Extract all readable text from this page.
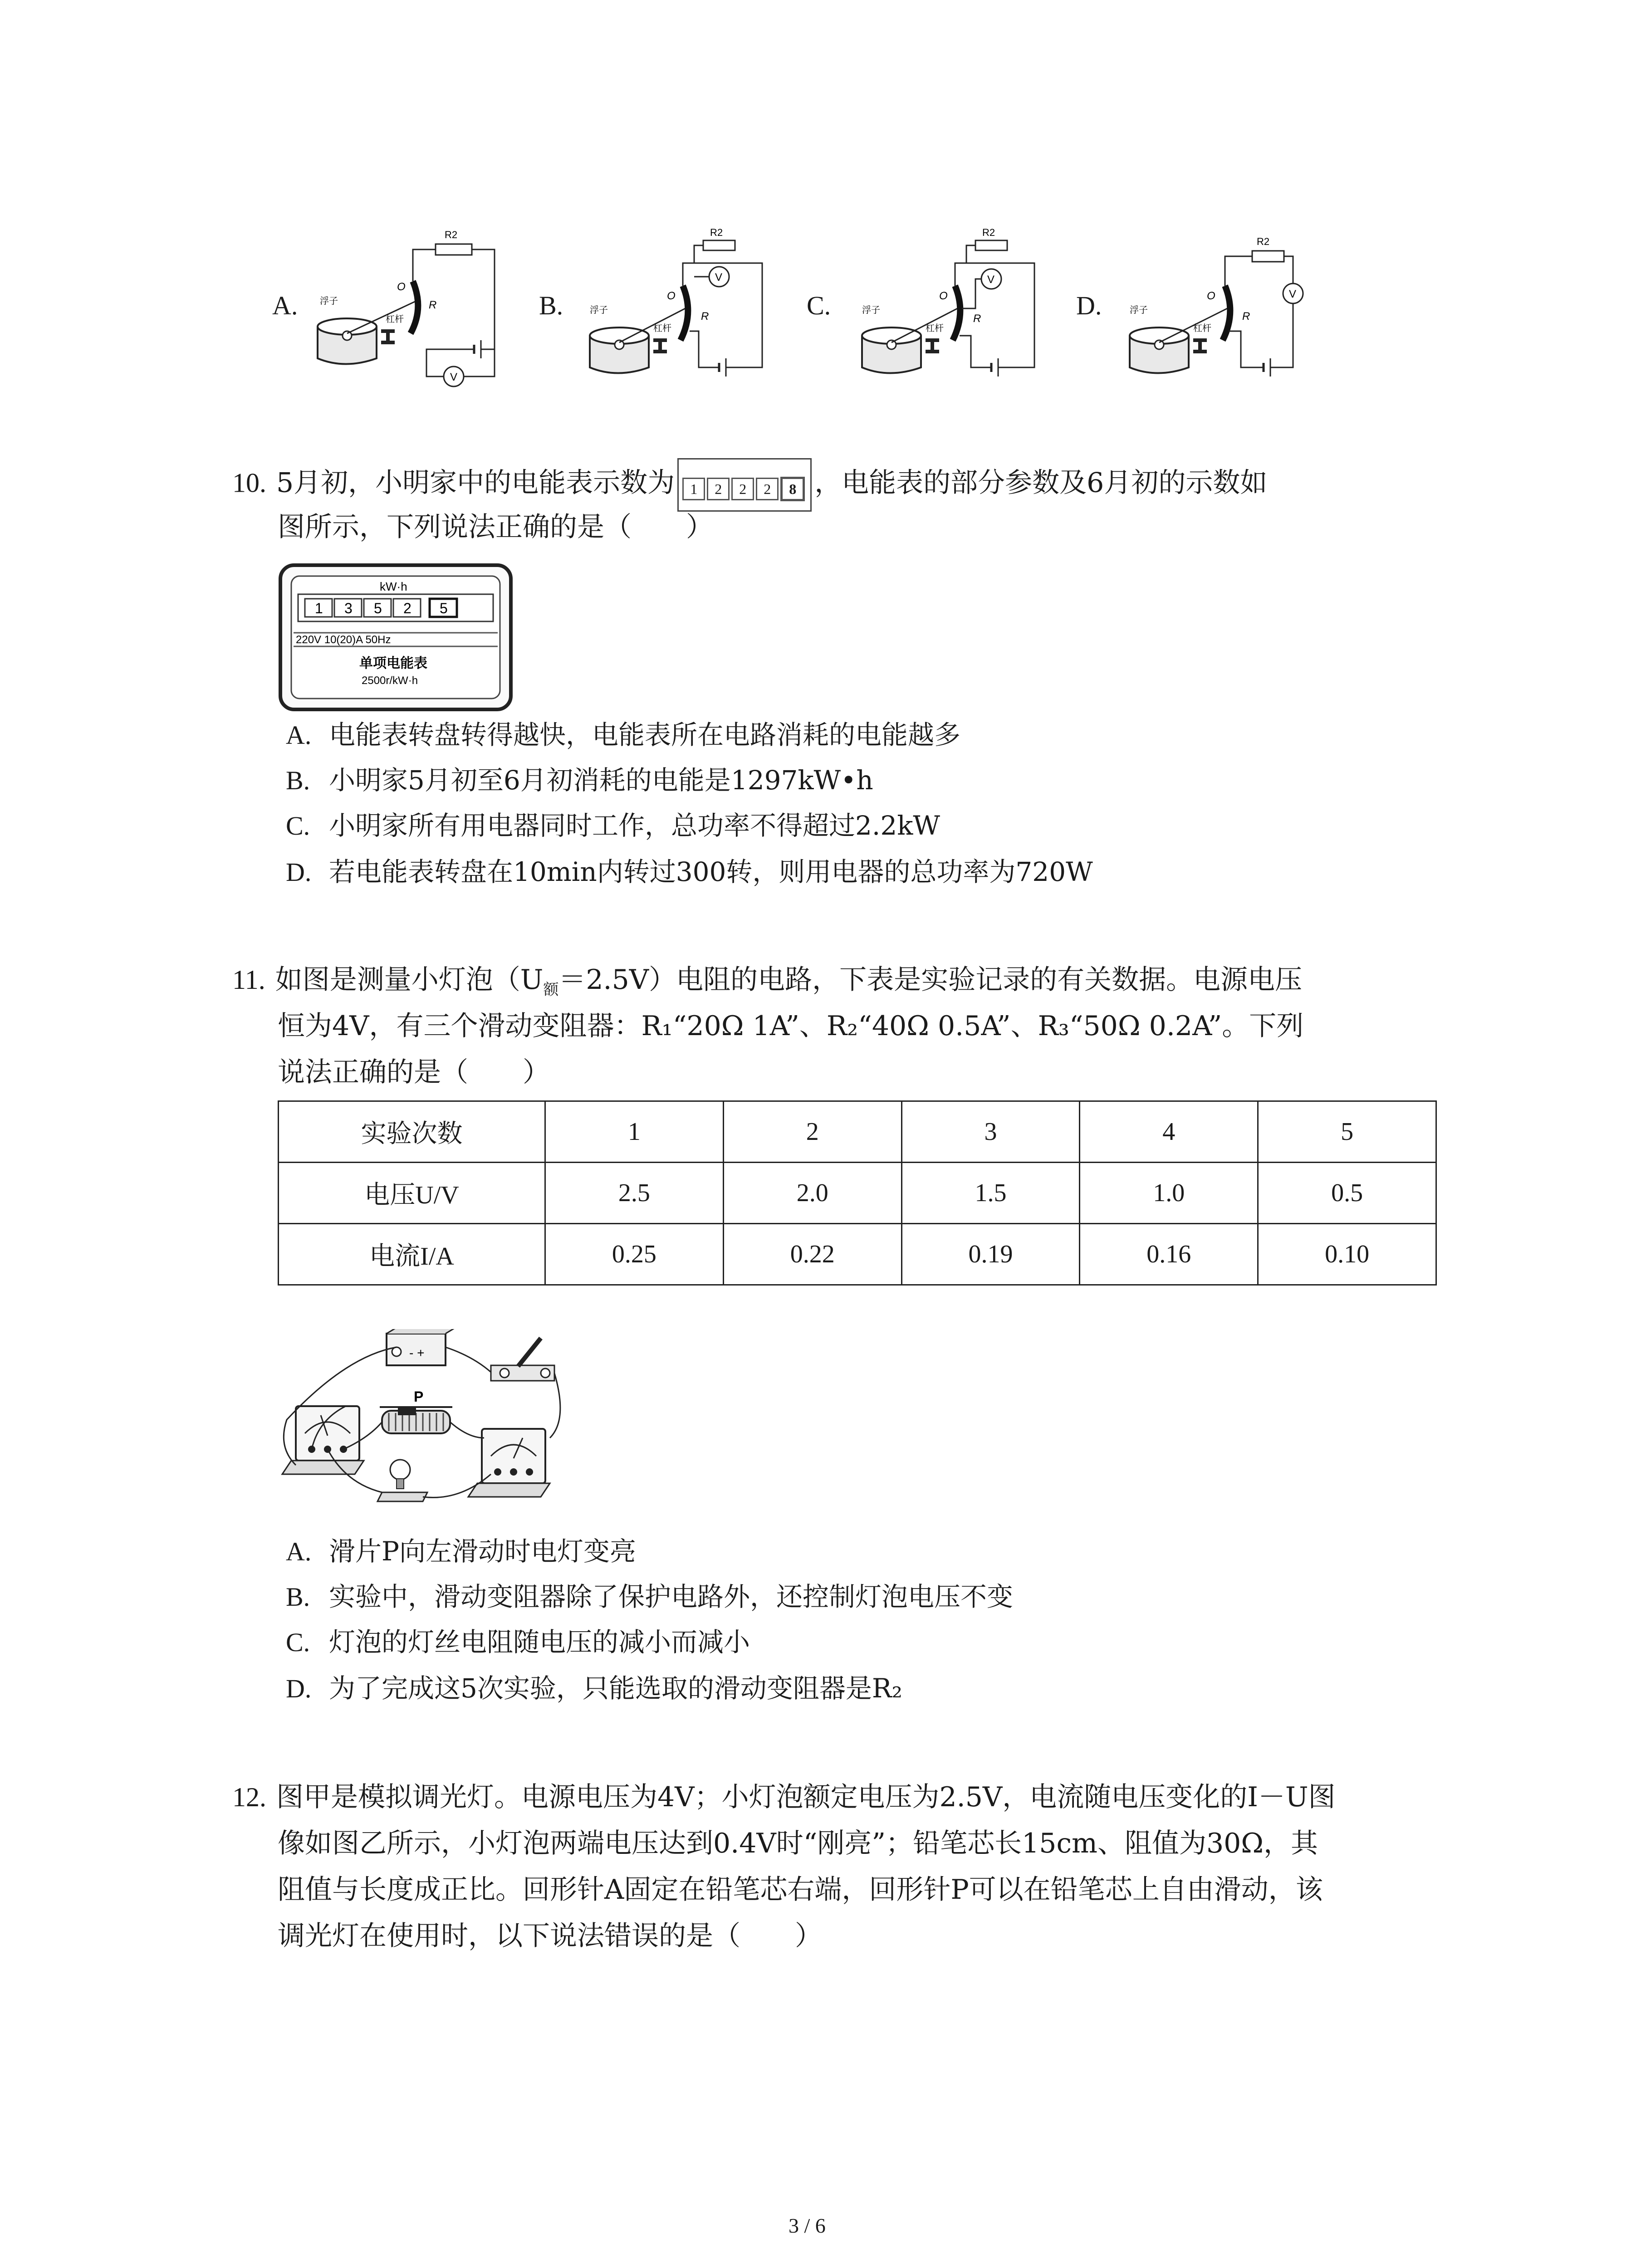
A.
V
R2
O
R
浮子
杠杆	B.
V
R2
O
R
浮子
杠杆
C.
V
R2
O
R
浮子
杠杆
D.	V
R2
O
R
浮子
杠杆
10. 5月初，小明家中的电能表示数为 1 2 2 2 8 ，电能表的部分参数及6月初的示数如
图所示，下列说法正确的是（　　）
kW·h
1 3 5 2 5
220V 10(20)A 50Hz
单项电能表
2500r/kW·h
A. 电能表转盘转得越快，电能表所在电路消耗的电能越多
B. 小明家5月初至6月初消耗的电能是1297kW•h
C. 小明家所有用电器同时工作，总功率不得超过2.2kW
D. 若电能表转盘在10min内转过300转，则用电器的总功率为720W
11. 如图是测量小灯泡$(U_额=2.5V)$电阻的电路，下表是实验记录的有关数据。电源电压
恒为4V，有三个滑动变阻器：R₁“20Ω 1A”、R₂“40Ω 0.5A”、R₃“50Ω 0.2A”。下列
说法正确的是（　　）
实验次数	1	2	3	4	5
电压U/V	2.5	2.0	1.5	1.0	0.5
电流I/A	0.25	0.22	0.19	0.16	0.10
- +
P
A. 滑片P向左滑动时电灯变亮
B. 实验中，滑动变阻器除了保护电路外，还控制灯泡电压不变
C. 灯泡的灯丝电阻随电压的减小而减小
D. 为了完成这5次实验，只能选取的滑动变阻器是R₂
12. 图甲是模拟调光灯。电源电压为4V；小灯泡额定电压为2.5V，电流随电压变化的I－U图
像如图乙所示，小灯泡两端电压达到0.4V时“刚亮”；铅笔芯长15cm、阻值为30Ω，其
阻值与长度成正比。回形针A固定在铅笔芯右端，回形针P可以在铅笔芯上自由滑动，该
调光灯在使用时，以下说法错误的是（　　）
3 / 6
